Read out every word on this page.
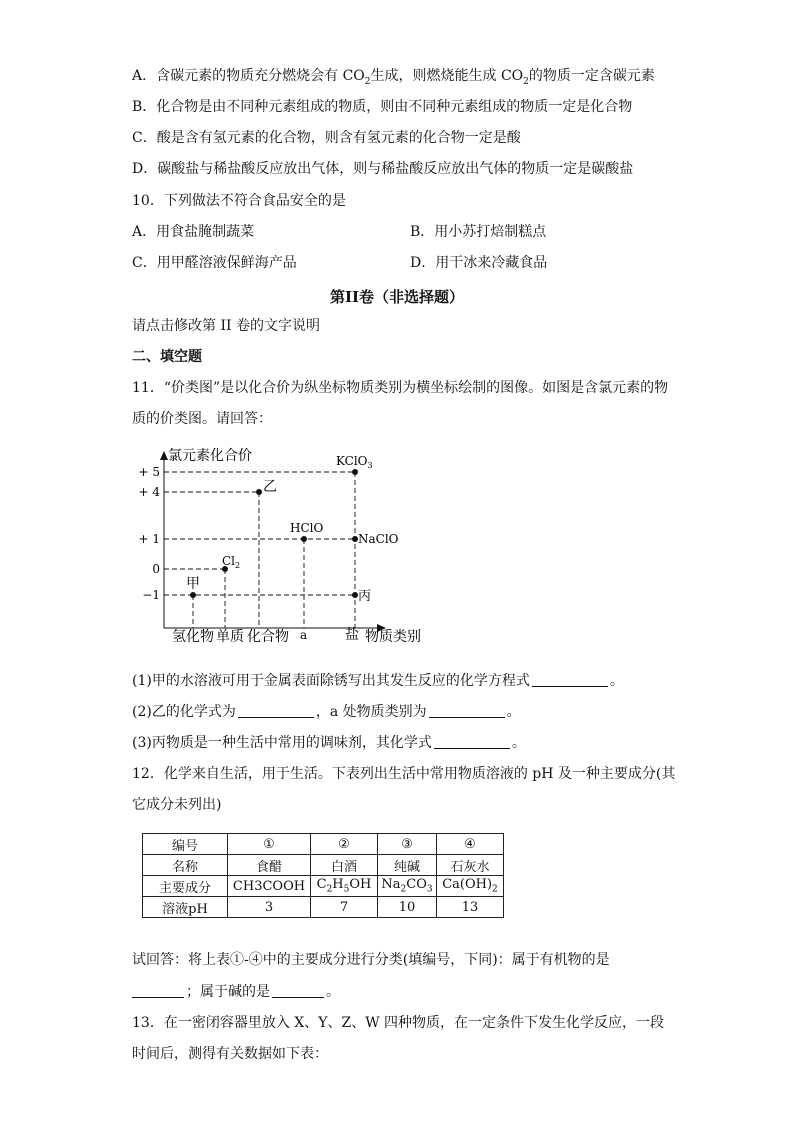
A．含碳元素的物质充分燃烧会有 $CO_2$生成，则燃烧能生成 $CO_2$的物质一定含碳元素
B．化合物是由不同种元素组成的物质，则由不同种元素组成的物质一定是化合物
C．酸是含有氢元素的化合物，则含有氢元素的化合物一定是酸
D．碳酸盐与稀盐酸反应放出气体，则与稀盐酸反应放出气体的物质一定是碳酸盐
10．下列做法不符合食品安全的是
A．用食盐腌制蔬菜	B．用小苏打焙制糕点
C．用甲醛溶液保鲜海产品	D．用干冰来冷藏食品
第II卷（非选择题）
请点击修改第 II 卷的文字说明
二、填空题
11．“价类图”是以化合价为纵坐标物质类别为横坐标绘制的图像。如图是含氯元素的物
质的价类图。请回答：
氯元素化合价
物质类别
+ 5
+ 4
+ 1
0
−1
氢化物 单质 化合物 a	盐
甲
$Cl_2$
乙
HClO
KClO$_3$
NaClO
丙
(1)甲的水溶液可用于金属表面除锈写出其发生反应的化学方程式	。
(2)乙的化学式为	，a 处物质类别为	。
(3)丙物质是一种生活中常用的调味剂，其化学式	。
12．化学来自生活，用于生活。下表列出生活中常用物质溶液的 pH 及一种主要成分(其
它成分未列出)
编号	①	②	③	④
名称	食醋	白酒	纯碱	石灰水
主要成分	CH3COOH	$C_2H_5OH$	$Na_2CO_3$	$Ca(OH)_2$
溶液pH	3	7	10	13
试回答：将上表①-④中的主要成分进行分类(填编号，下同)：属于有机物的是
；属于碱的是	。
13．在一密闭容器里放入 X、Y、Z、W 四种物质，在一定条件下发生化学反应，一段
时间后，测得有关数据如下表：
